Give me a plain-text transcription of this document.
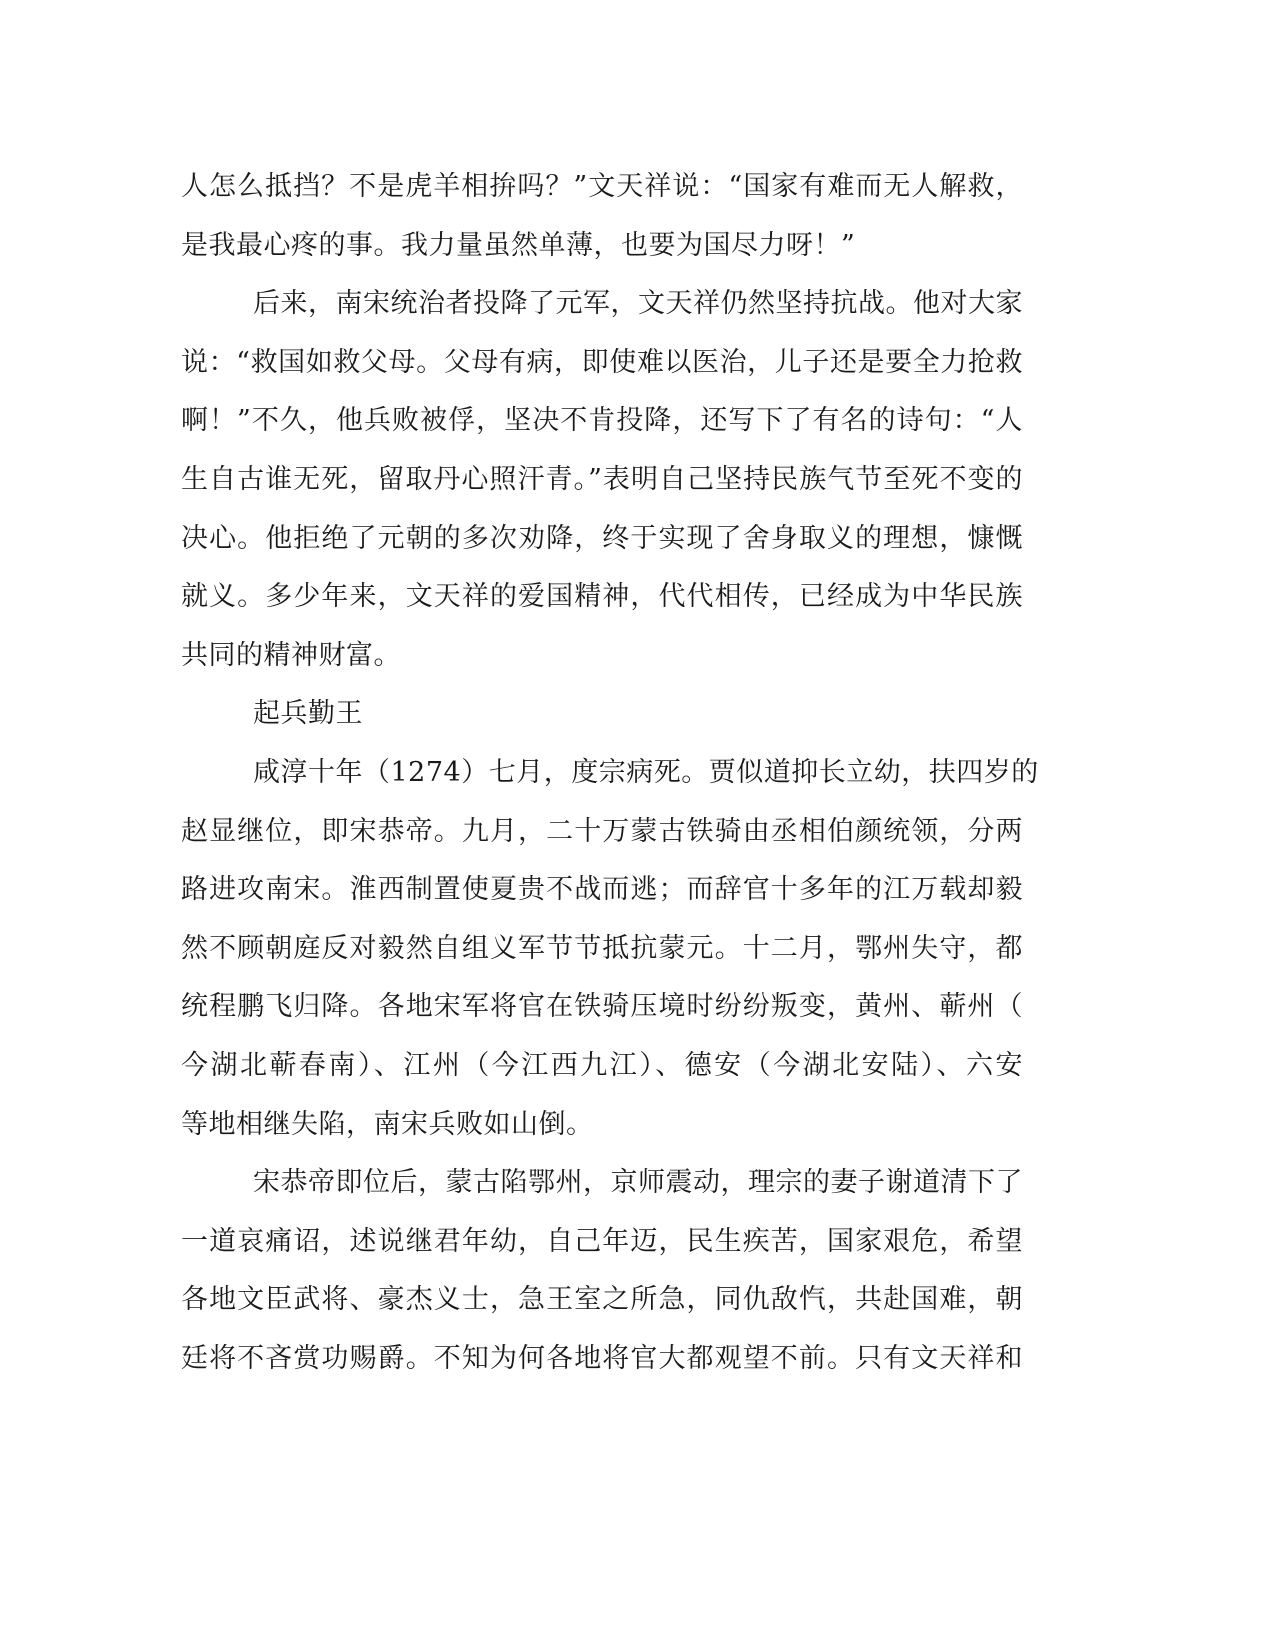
人怎么抵挡？不是虎羊相拚吗？”文天祥说：“国家有难而无人解救，
是我最心疼的事。我力量虽然单薄，也要为国尽力呀！”
后来，南宋统治者投降了元军，文天祥仍然坚持抗战。他对大家
说：“救国如救父母。父母有病，即使难以医治，儿子还是要全力抢救
啊！”不久，他兵败被俘，坚决不肯投降，还写下了有名的诗句：“人
生自古谁无死，留取丹心照汗青。”表明自己坚持民族气节至死不变的
决心。他拒绝了元朝的多次劝降，终于实现了舍身取义的理想，慷慨
就义。多少年来，文天祥的爱国精神，代代相传，已经成为中华民族
共同的精神财富。
起兵勤王
咸淳十年（1274）七月，度宗病死。贾似道抑长立幼，扶四岁的
赵显继位，即宋恭帝。九月，二十万蒙古铁骑由丞相伯颜统领，分两
路进攻南宋。淮西制置使夏贵不战而逃；而辞官十多年的江万载却毅
然不顾朝庭反对毅然自组义军节节抵抗蒙元。十二月，鄂州失守，都
统程鹏飞归降。各地宋军将官在铁骑压境时纷纷叛变，黄州、蕲州（
今湖北蕲春南）、江州（今江西九江）、德安（今湖北安陆）、六安
等地相继失陷，南宋兵败如山倒。
宋恭帝即位后，蒙古陷鄂州，京师震动，理宗的妻子谢道清下了
一道哀痛诏，述说继君年幼，自己年迈，民生疾苦，国家艰危，希望
各地文臣武将、豪杰义士，急王室之所急，同仇敌忾，共赴国难，朝
廷将不吝赏功赐爵。不知为何各地将官大都观望不前。只有文天祥和
